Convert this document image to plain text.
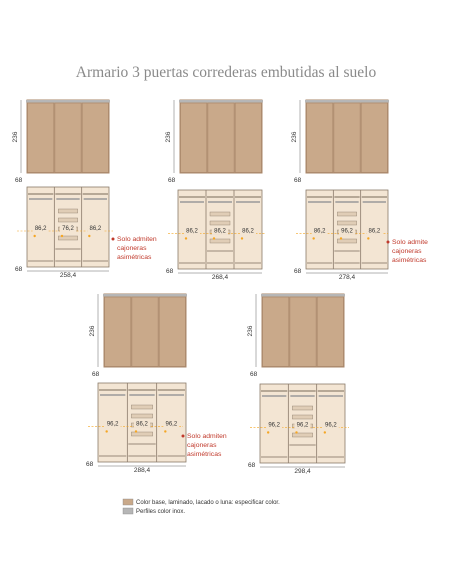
Armario 3 puertas correderas embutidas al suelo
236
68
86,2	76,2	86,2
68
258,4
Solo admiten
cajoneras
asimétricas
236
68
86,2	86,2	86,2
68
268,4
236
68
86,2	96,2	86,2
68
278,4
Solo admite
cajoneras
asimétricas
236
68
96,2	86,2	96,2
68
288,4
Solo admiten
cajoneras
asimétricas
236
68
96,2	96,2	96,2
68
298,4
Color base, laminado, lacado o luna: especificar color.
Perfiles color inox.
